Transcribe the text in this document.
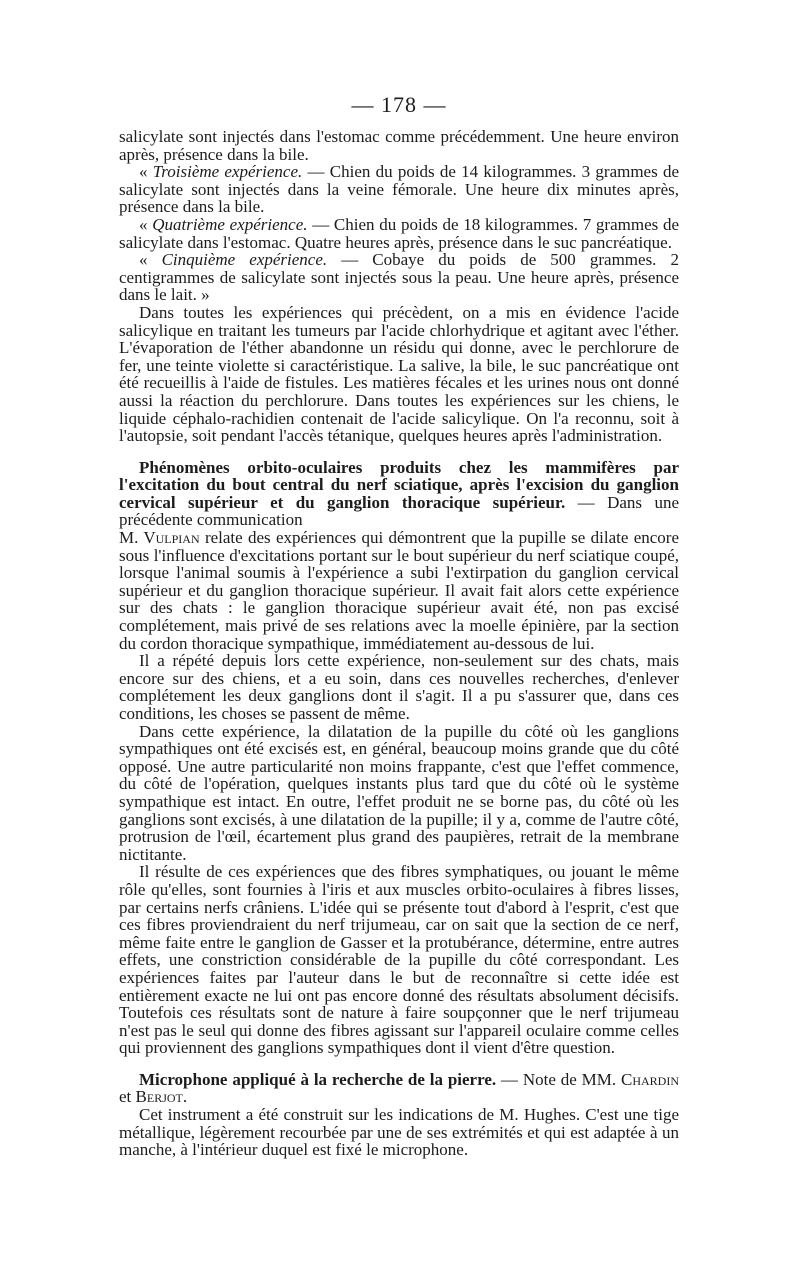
— 178 —

salicylate sont injectés dans l'estomac comme précédemment. Une heure environ après, présence dans la bile.

« Troisième expérience. — Chien du poids de 14 kilogrammes. 3 grammes de salicylate sont injectés dans la veine fémorale. Une heure dix minutes après, présence dans la bile.

« Quatrième expérience. — Chien du poids de 18 kilogrammes. 7 grammes de salicylate dans l'estomac. Quatre heures après, présence dans le suc pancréatique.

« Cinquième expérience. — Cobaye du poids de 500 grammes. 2 centigrammes de salicylate sont injectés sous la peau. Une heure après, présence dans le lait. »

Dans toutes les expériences qui précèdent, on a mis en évidence l'acide salicylique en traitant les tumeurs par l'acide chlorhydrique et agitant avec l'éther. L'évaporation de l'éther abandonne un résidu qui donne, avec le perchlorure de fer, une teinte violette si caractéristique. La salive, la bile, le suc pancréatique ont été recueillis à l'aide de fistules. Les matières fécales et les urines nous ont donné aussi la réaction du perchlorure. Dans toutes les expériences sur les chiens, le liquide céphalo-rachidien contenait de l'acide salicylique. On l'a reconnu, soit à l'autopsie, soit pendant l'accès tétanique, quelques heures après l'administration.

Phénomènes orbito-oculaires produits chez les mammifères par l'excitation du bout central du nerf sciatique, après l'excision du ganglion cervical supérieur et du ganglion thoracique supérieur. — Dans une précédente communication
M. Vulpian relate des expériences qui démontrent que la pupille se dilate encore sous l'influence d'excitations portant sur le bout supérieur du nerf sciatique coupé, lorsque l'animal soumis à l'expérience a subi l'extirpation du ganglion cervical supérieur et du ganglion thoracique supérieur. Il avait fait alors cette expérience sur des chats : le ganglion thoracique supérieur avait été, non pas excisé complétement, mais privé de ses relations avec la moelle épinière, par la section du cordon thoracique sympathique, immédiatement au-dessous de lui.

Il a répété depuis lors cette expérience, non-seulement sur des chats, mais encore sur des chiens, et a eu soin, dans ces nouvelles recherches, d'enlever complétement les deux ganglions dont il s'agit. Il a pu s'assurer que, dans ces conditions, les choses se passent de même.

Dans cette expérience, la dilatation de la pupille du côté où les ganglions sympathiques ont été excisés est, en général, beaucoup moins grande que du côté opposé. Une autre particularité non moins frappante, c'est que l'effet commence, du côté de l'opération, quelques instants plus tard que du côté où le système sympathique est intact. En outre, l'effet produit ne se borne pas, du côté où les ganglions sont excisés, à une dilatation de la pupille; il y a, comme de l'autre côté, protrusion de l'œil, écartement plus grand des paupières, retrait de la membrane nictitante.

Il résulte de ces expériences que des fibres symphatiques, ou jouant le même rôle qu'elles, sont fournies à l'iris et aux muscles orbito-oculaires à fibres lisses, par certains nerfs crâniens. L'idée qui se présente tout d'abord à l'esprit, c'est que ces fibres proviendraient du nerf trijumeau, car on sait que la section de ce nerf, même faite entre le ganglion de Gasser et la protubérance, détermine, entre autres effets, une constriction considérable de la pupille du côté correspondant. Les expériences faites par l'auteur dans le but de reconnaître si cette idée est entièrement exacte ne lui ont pas encore donné des résultats absolument décisifs. Toutefois ces résultats sont de nature à faire soupçonner que le nerf trijumeau n'est pas le seul qui donne des fibres agissant sur l'appareil oculaire comme celles qui proviennent des ganglions sympathiques dont il vient d'être question.

Microphone appliqué à la recherche de la pierre. — Note de MM. Chardin et Berjot.

Cet instrument a été construit sur les indications de M. Hughes. C'est une tige métallique, légèrement recourbée par une de ses extrémités et qui est adaptée à un manche, à l'intérieur duquel est fixé le microphone.
